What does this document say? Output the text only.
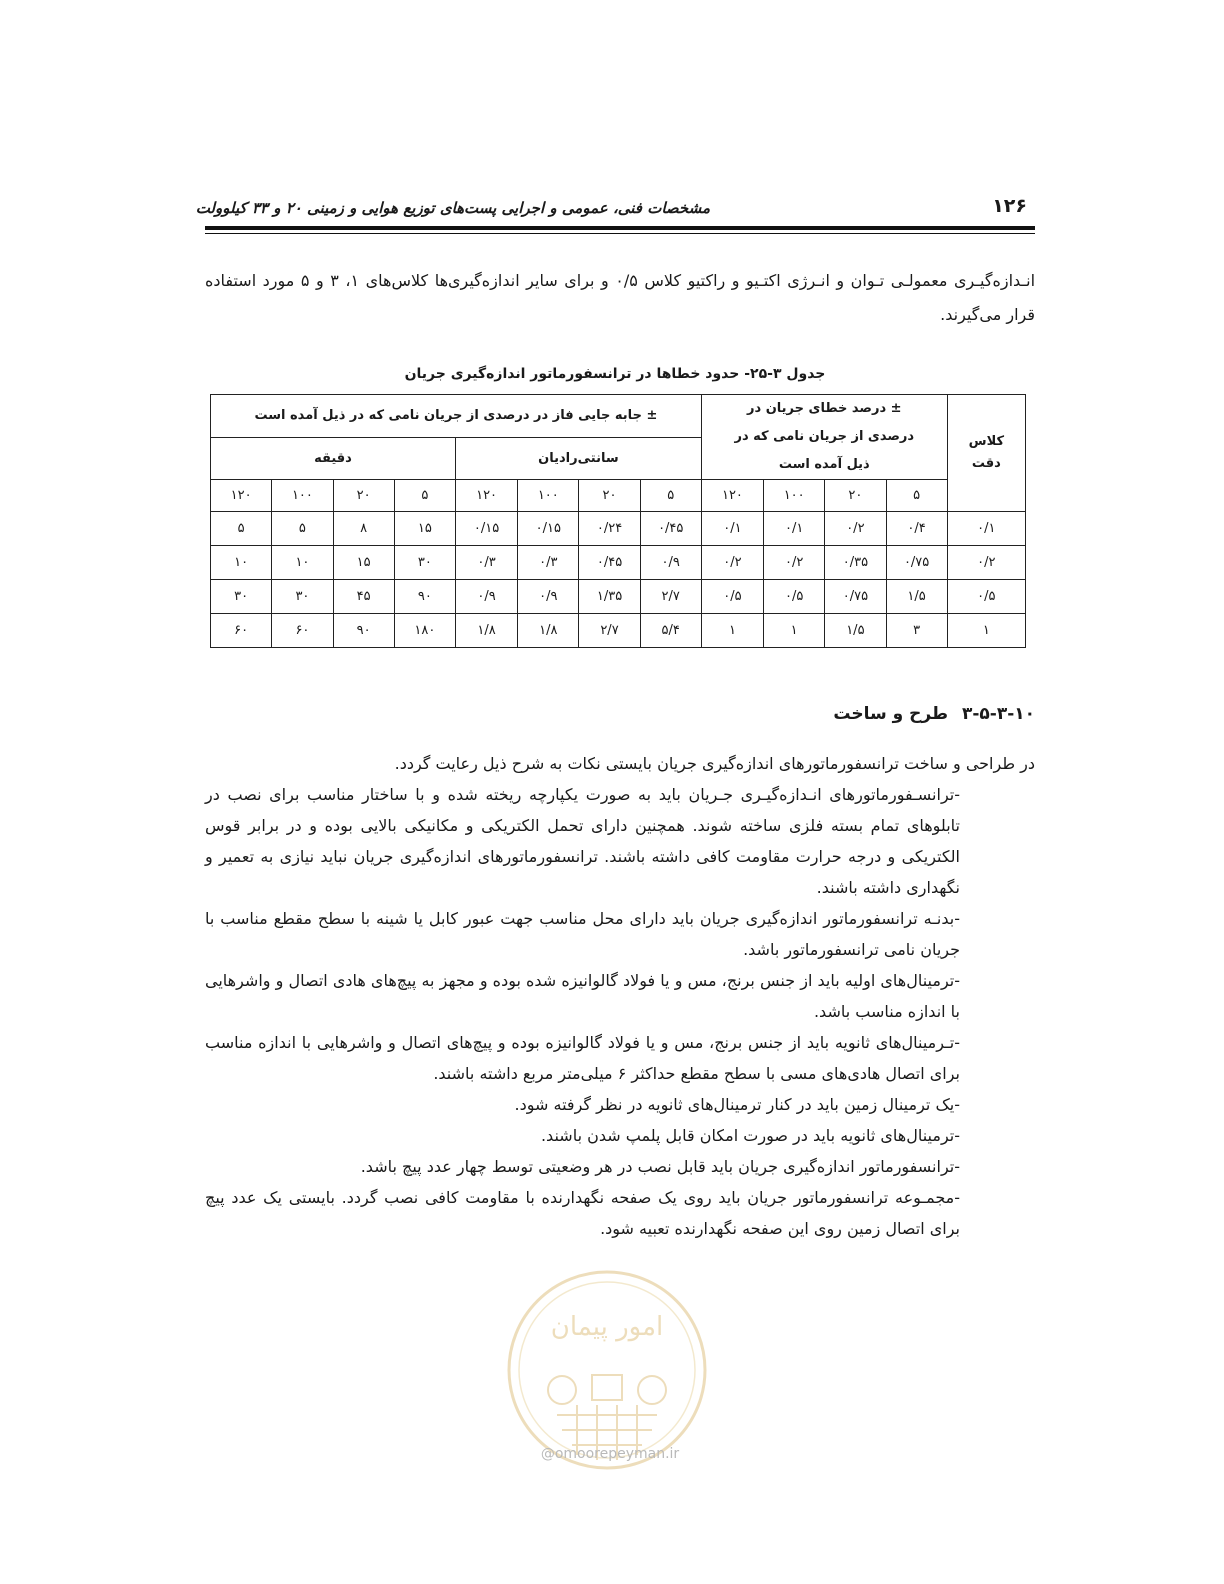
۱۲۶
مشخصات فنی، عمومی و اجرایی پست‌های توزیع هوایی و زمینی ۲۰ و ۳۳ کیلوولت
انـدازه‌گیـری معمولـی تـوان و انـرژی اکتـیو و راکتیو کلاس ۰/۵ و برای سایر اندازه‌گیری‌ها کلاس‌های ۱، ۳ و ۵ مورد استفاده قرار می‌گیرند.
جدول ۳-۲۵- حدود خطاها در ترانسفورماتور اندازه‌گیری جریان
کلاس دقت	± درصد خطای جریان در درصدی از جریان نامی که در ذیل آمده است				± جابه جایی فاز در درصدی از جریان نامی که در ذیل آمده است							
					سانتی‌رادیان				دقیقه			
	۵	۲۰	۱۰۰	۱۲۰	۵	۲۰	۱۰۰	۱۲۰	۵	۲۰	۱۰۰	۱۲۰
۰/۱	۰/۴	۰/۲	۰/۱	۰/۱	۰/۴۵	۰/۲۴	۰/۱۵	۰/۱۵	۱۵	۸	۵	۵
۰/۲	۰/۷۵	۰/۳۵	۰/۲	۰/۲	۰/۹	۰/۴۵	۰/۳	۰/۳	۳۰	۱۵	۱۰	۱۰
۰/۵	۱/۵	۰/۷۵	۰/۵	۰/۵	۲/۷	۱/۳۵	۰/۹	۰/۹	۹۰	۴۵	۳۰	۳۰
۱	۳	۱/۵	۱	۱	۵/۴	۲/۷	۱/۸	۱/۸	۱۸۰	۹۰	۶۰	۶۰
۳-۵-۳-۱۰طرح و ساخت

در طراحی و ساخت ترانسفورماتورهای اندازه‌گیری جریان بایستی نکات به شرح ذیل رعایت گردد.

-ترانسـفورماتورهای انـدازه‌گیـری جـریان باید به صورت یکپارچه ریخته شده و با ساختار مناسب برای نصب در تابلوهای تمام بسته فلزی ساخته شوند. همچنین دارای تحمل الکتریکی و مکانیکی بالایی بوده و در برابر قوس الکتریکی و درجه حرارت مقاومت کافی داشته باشند. ترانسفورماتورهای اندازه‌گیری جریان نباید نیازی به تعمیر و نگهداری داشته باشند.
-بدنـه ترانسفورماتور اندازه‌گیری جریان باید دارای محل مناسب جهت عبور کابل یا شینه با سطح مقطع مناسب با جریان نامی ترانسفورماتور باشد.
-ترمینال‌های اولیه باید از جنس برنج، مس و یا فولاد گالوانیزه شده بوده و مجهز به پیچ‌های هادی اتصال و واشرهایی با اندازه مناسب باشد.
-تـرمینال‌های ثانویه باید از جنس برنج، مس و یا فولاد گالوانیزه بوده و پیچ‌های اتصال و واشرهایی با اندازه مناسب برای اتصال هادی‌های مسی با سطح مقطع حداکثر ۶ میلی‌متر مربع داشته باشند.
-یک ترمینال زمین باید در کنار ترمینال‌های ثانویه در نظر گرفته شود.
-ترمینال‌های ثانویه باید در صورت امکان قابل پلمپ شدن باشند.
-ترانسفورماتور اندازه‌گیری جریان باید قابل نصب در هر وضعیتی توسط چهار عدد پیچ باشد.
-مجمـوعه ترانسفورماتور جریان باید روی یک صفحه نگهدارنده با مقاومت کافی نصب گردد. بایستی یک عدد پیچ برای اتصال زمین روی این صفحه نگهدارنده تعبیه شود.
امور پیمان
@omoorepeyman.ir
